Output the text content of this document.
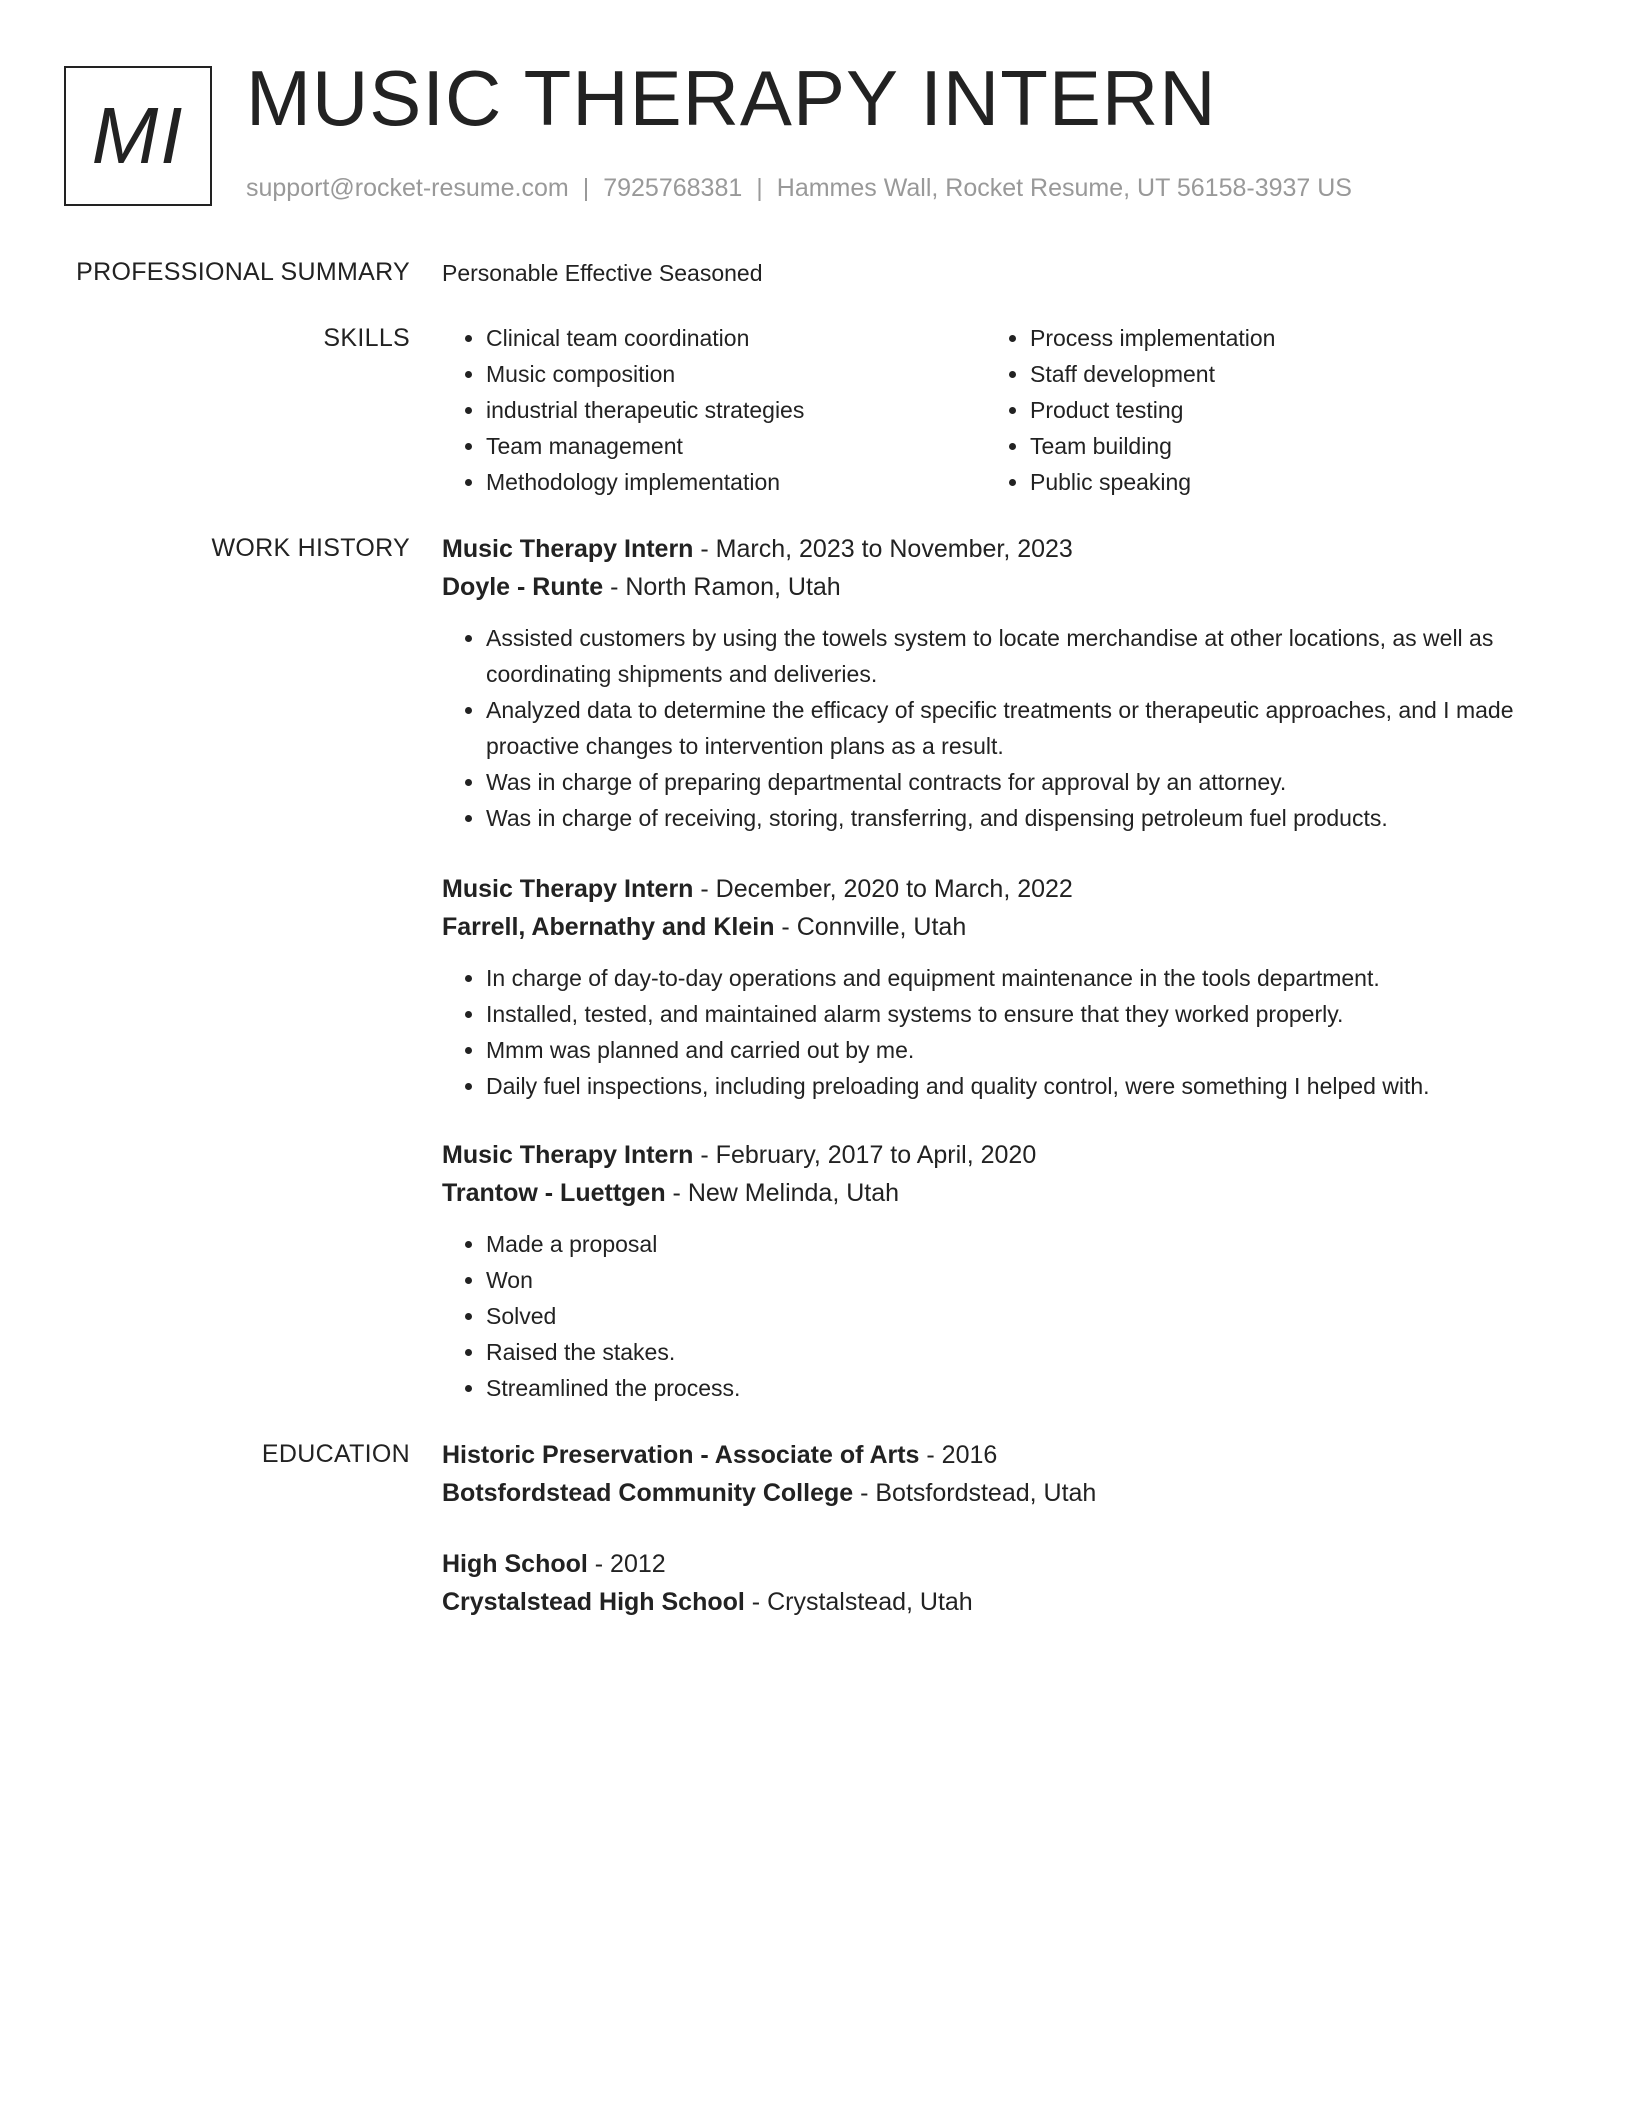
MI MUSIC THERAPY INTERN
support@rocket-resume.com | 7925768381 | Hammes Wall, Rocket Resume, UT 56158-3937 US
PROFESSIONAL SUMMARY Personable Effective Seasoned
SKILLS
•	Clinical team coordination
• Music composition
• industrial therapeutic strategies
• Team management
• Methodology implementation
• Process implementation
• Staff development
• Product testing
• Team building
• Public speaking
WORK HISTORY Music Therapy Intern - March, 2023 to November, 2023
Doyle - Runte - North Ramon, Utah
• Assisted customers by using the towels system to locate merchandise at other locations, as well as coordinating shipments and deliveries.
• Analyzed data to determine the efficacy of specific treatments or therapeutic approaches, and I made proactive changes to intervention plans as a result.
• Was in charge of preparing departmental contracts for approval by an attorney.
• Was in charge of receiving, storing, transferring, and dispensing petroleum fuel products.
Music Therapy Intern - December, 2020 to March, 2022
Farrell, Abernathy and Klein - Connville, Utah
• In charge of day-to-day operations and equipment maintenance in the tools department.
• Installed, tested, and maintained alarm systems to ensure that they worked properly.
• Mmm was planned and carried out by me.
• Daily fuel inspections, including preloading and quality control, were something I helped with.
Music Therapy Intern - February, 2017 to April, 2020
Trantow - Luettgen - New Melinda, Utah
• Made a proposal
• Won
• Solved
• Raised the stakes.
• Streamlined the process.
EDUCATION Historic Preservation - Associate of Arts - 2016
Botsfordstead Community College - Botsfordstead, Utah
High School - 2012
Crystalstead High School - Crystalstead, Utah
